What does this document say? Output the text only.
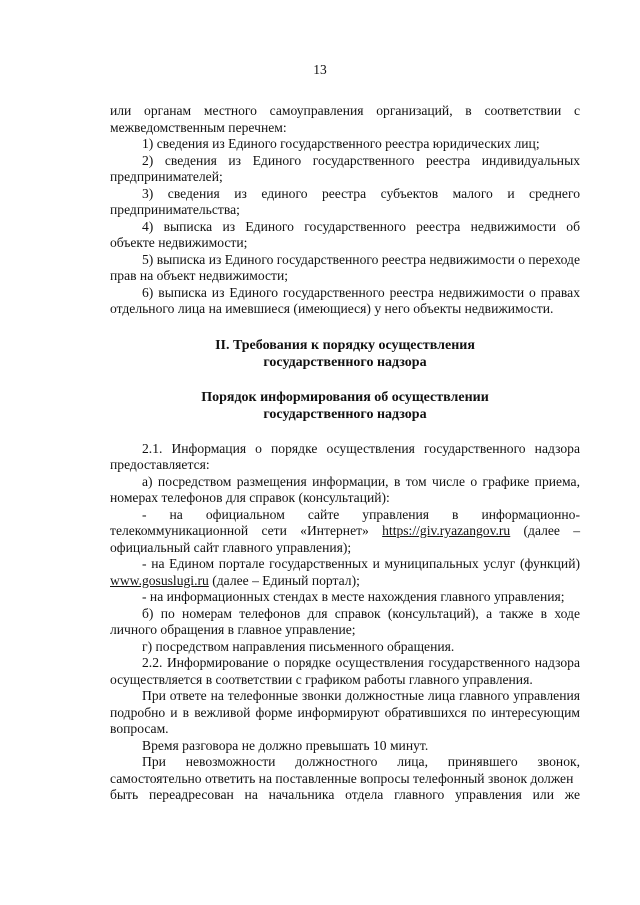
13

или органам местного самоуправления организаций, в соответствии с межведомственным перечнем:

1) сведения из Единого государственного реестра юридических лиц;

2) сведения из Единого государственного реестра индивидуальных предпринимателей;

3) сведения из единого реестра субъектов малого и среднего предпринимательства;

4) выписка из Единого государственного реестра недвижимости об объекте недвижимости;

5) выписка из Единого государственного реестра недвижимости о переходе прав на объект недвижимости;

6) выписка из Единого государственного реестра недвижимости о правах отдельного лица на имевшиеся (имеющиеся) у него объекты недвижимости.

II. Требования к порядку осуществления
государственного надзора

Порядок информирования об осуществлении
государственного надзора

2.1. Информация о порядке осуществления государственного надзора предоставляется:

а) посредством размещения информации, в том числе о графике приема, номерах телефонов для справок (консультаций):

- на официальном сайте управления в информационно-телекоммуникационной сети «Интернет» https://giv.ryazangov.ru (далее – официальный сайт главного управления);

- на Едином портале государственных и муниципальных услуг (функций) www.gosuslugi.ru (далее – Единый портал);

- на информационных стендах в месте нахождения главного управления;

б) по номерам телефонов для справок (консультаций), а также в ходе личного обращения в главное управление;

г) посредством направления письменного обращения.

2.2. Информирование о порядке осуществления государственного надзора осуществляется в соответствии с графиком работы главного управления.

При ответе на телефонные звонки должностные лица главного управления подробно и в вежливой форме информируют обратившихся по интересующим вопросам.

Время разговора не должно превышать 10 минут.

При невозможности должностного лица, принявшего звонок, самостоятельно ответить на поставленные вопросы телефонный звонок должен

быть переадресован на начальника отдела главного управления или же
